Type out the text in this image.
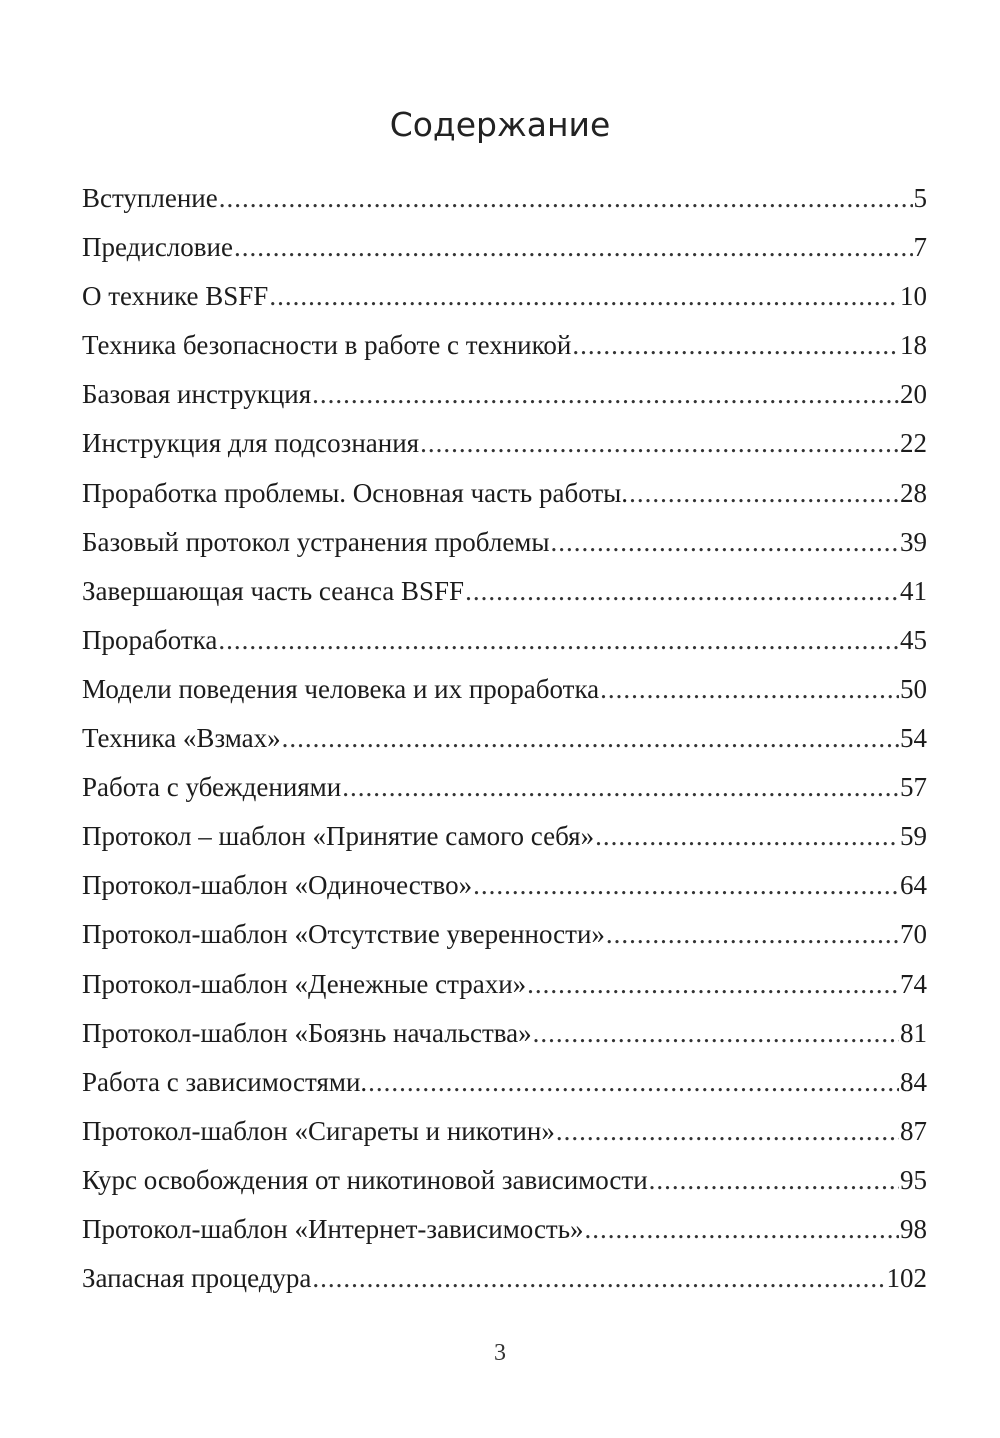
Содержание
Вступление .....	5
Предисловие .....	7
О технике BSFF .....	10
Техника безопасности в работе с техникой .....	18
Базовая инструкция .....	20
Инструкция для подсознания .....	22
Проработка проблемы. Основная часть работы. .....	28
Базовый протокол устранения проблемы .....	39
Завершающая часть сеанса BSFF .....	41
Проработка .....	45
Модели поведения человека и их проработка .....	50
Техника «Взмах» .....	54
Работа с убеждениями .....	57
Протокол – шаблон «Принятие самого себя» .....	59
Протокол-шаблон «Одиночество» .....	64
Протокол-шаблон «Отсутствие уверенности» .....	70
Протокол-шаблон «Денежные страхи» .....	74
Протокол-шаблон «Боязнь начальства» .....	81
Работа с зависимостями. .....	84
Протокол-шаблон «Сигареты и никотин» .....	87
Курс освобождения от никотиновой зависимости .....	95
Протокол-шаблон «Интернет-зависимость» .....	98
Запасная процедура .....	102
3
